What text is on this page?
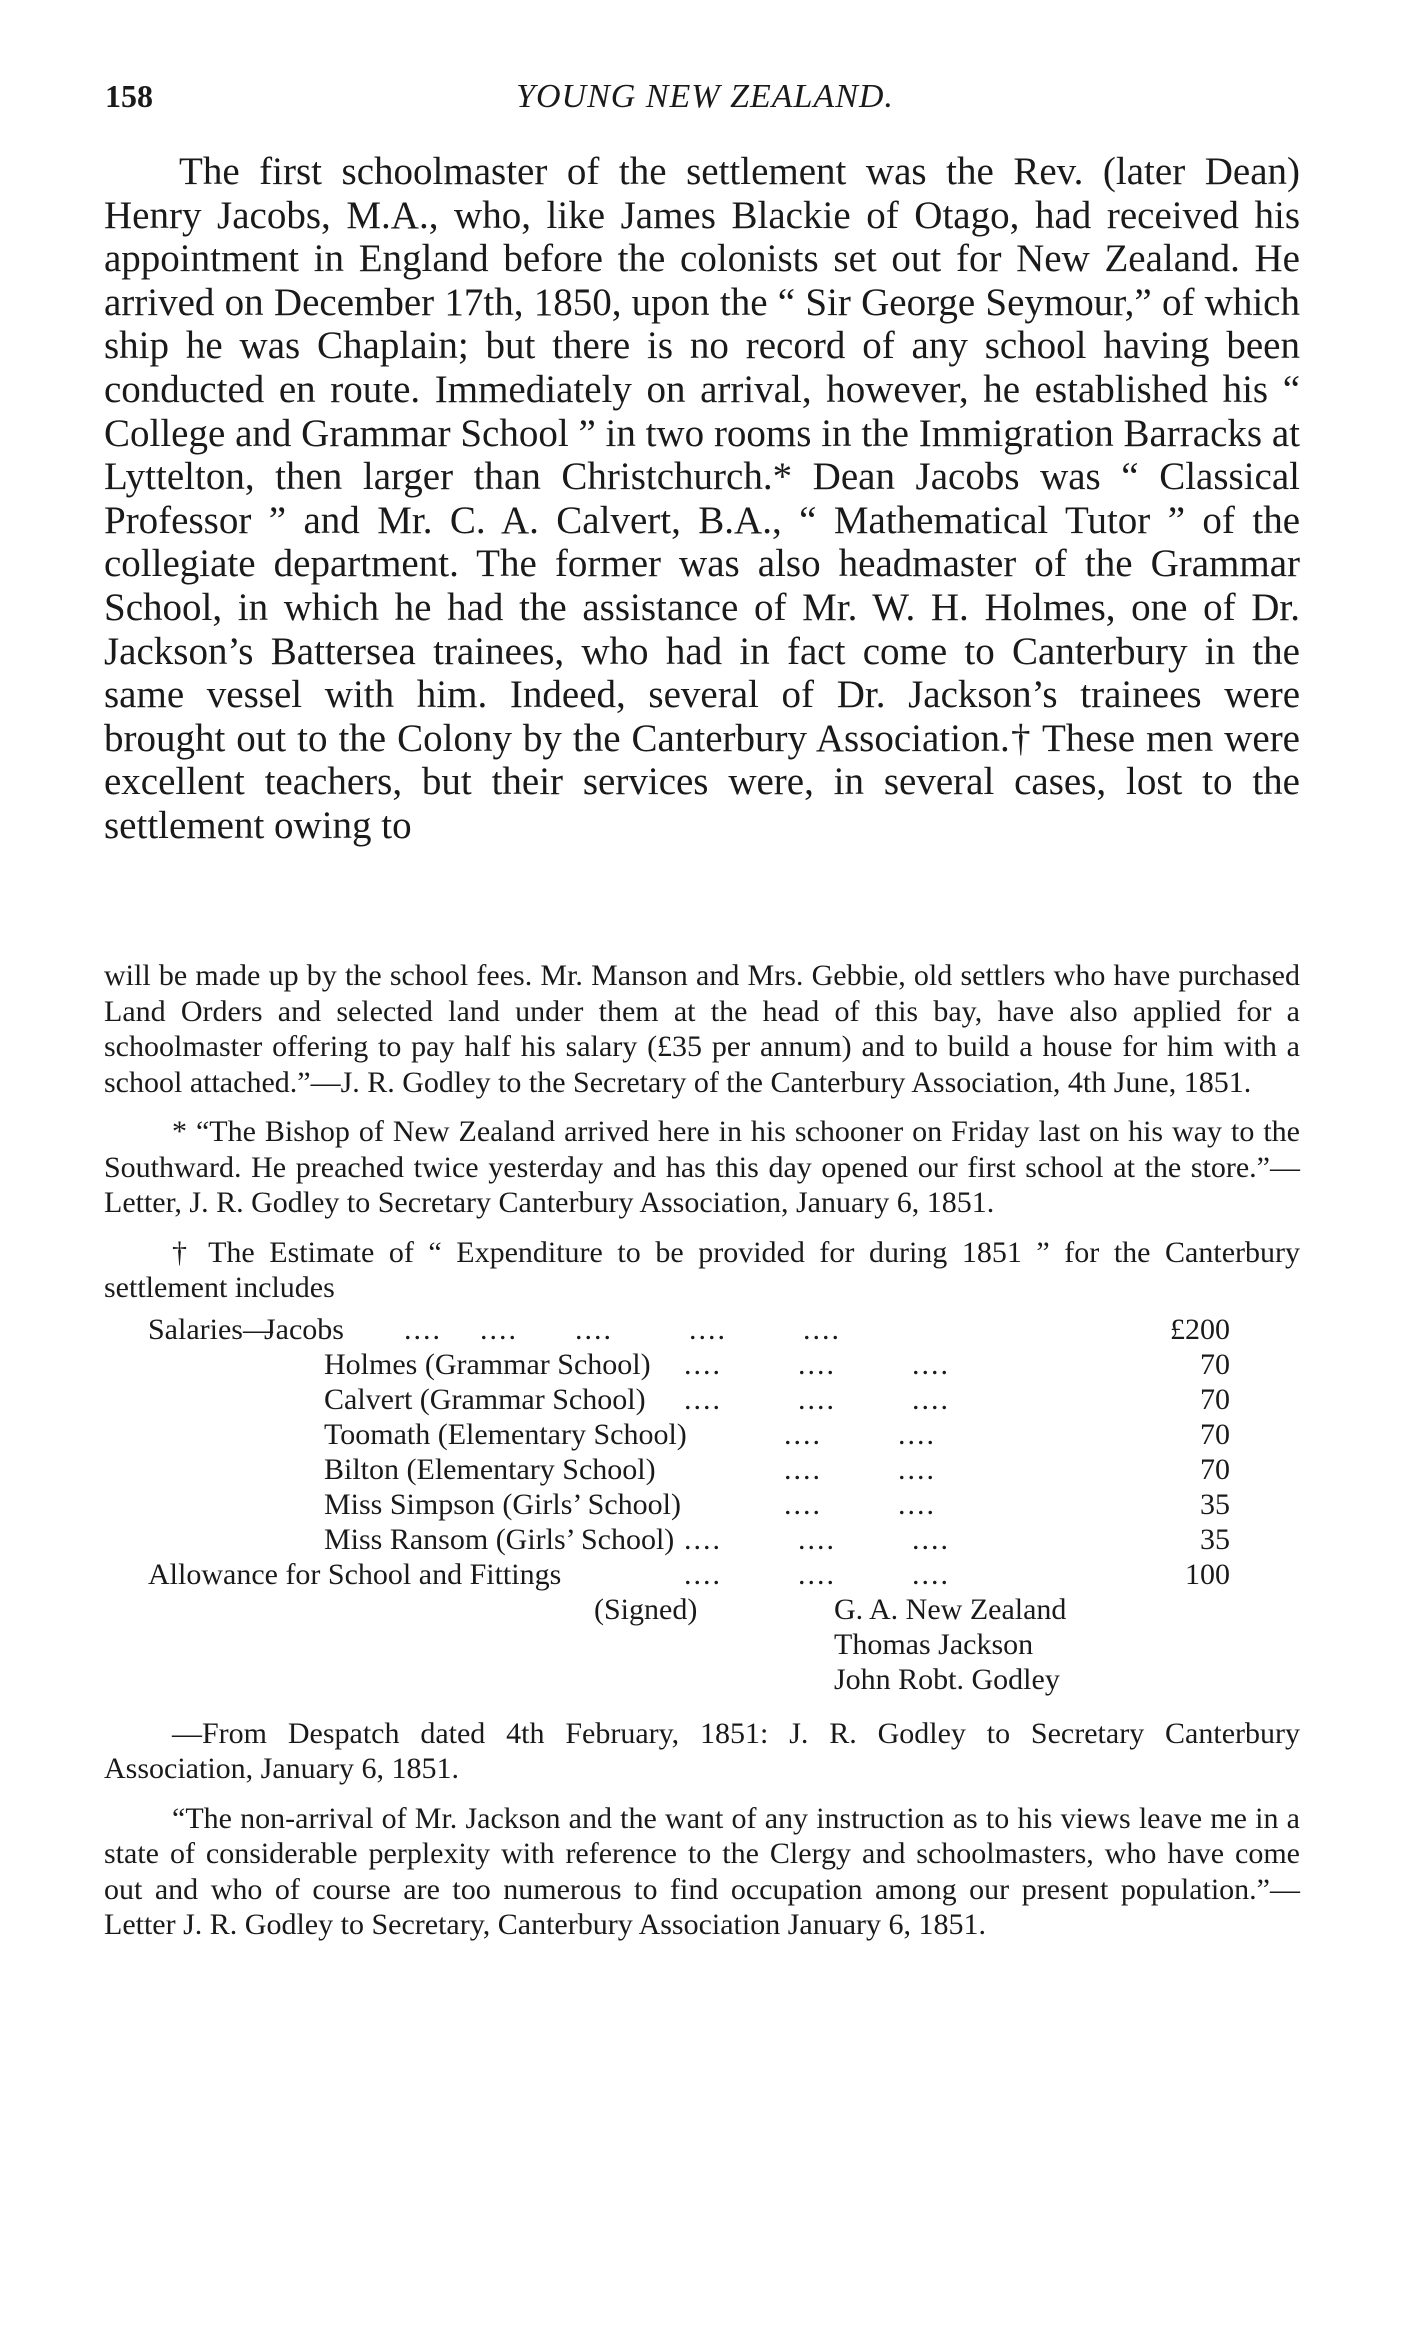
158	YOUNG NEW ZEALAND.

The first schoolmaster of the settlement was the Rev. (later Dean) Henry Jacobs, M.A., who, like James Blackie of Otago, had received his appointment in England before the colonists set out for New Zealand. He arrived on December 17th, 1850, upon the “ Sir George Seymour,” of which ship he was Chaplain; but there is no record of any school having been conducted en route. Immediately on arrival, however, he established his “ College and Grammar School ” in two rooms in the Immigration Barracks at Lyttelton, then larger than Christchurch.* Dean Jacobs was “ Classical Professor ” and Mr. C. A. Calvert, B.A., “ Mathematical Tutor ” of the collegiate department. The former was also headmaster of the Grammar School, in which he had the assistance of Mr. W. H. Holmes, one of Dr. Jackson’s Battersea trainees, who had in fact come to Canterbury in the same vessel with him. Indeed, several of Dr. Jackson’s trainees were brought out to the Colony by the Canterbury Association.† These men were excellent teachers, but their services were, in several cases, lost to the settlement owing to

will be made up by the school fees. Mr. Manson and Mrs. Gebbie, old settlers who have purchased Land Orders and selected land under them at the head of this bay, have also applied for a schoolmaster offering to pay half his salary (£35 per annum) and to build a house for him with a school attached.”—J. R. Godley to the Secretary of the Canterbury Association, 4th June, 1851.

* “The Bishop of New Zealand arrived here in his schooner on Friday last on his way to the Southward. He preached twice yesterday and has this day opened our first school at the store.”—Letter, J. R. Godley to Secretary Canterbury Association, January 6, 1851.

† The Estimate of “ Expenditure to be provided for during 1851 ” for the Canterbury settlement includes

Salaries—
Jacobs ....    ....      ....        ....        ....	£200
Holmes (Grammar School) ....        ....        ....	70
Calvert (Grammar School) ....        ....        ....	70
Toomath (Elementary School)	....        ....	70
Bilton (Elementary School)	....        ....	70
Miss Simpson (Girls’ School)	....        ....	35
Miss Ransom (Girls’ School) ....        ....        ....	35
Allowance for School and Fittings	....        ....        ....	100
(Signed)	G. A. New Zealand
Thomas Jackson
John Robt. Godley

—From Despatch dated 4th February, 1851: J. R. Godley to Secretary Canterbury Association, January 6, 1851.

“The non-arrival of Mr. Jackson and the want of any instruction as to his views leave me in a state of considerable perplexity with reference to the Clergy and schoolmasters, who have come out and who of course are too numerous to find occupation among our present population.”—Letter J. R. Godley to Secretary, Canterbury Association January 6, 1851.
